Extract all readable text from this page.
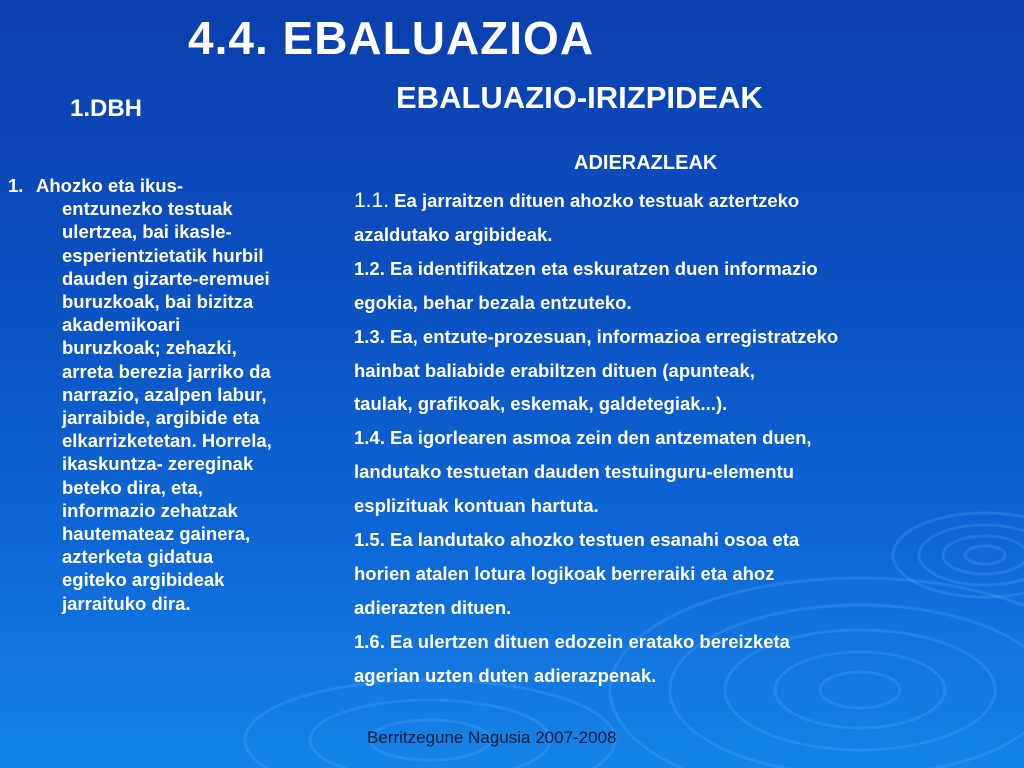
4.4. EBALUAZIOA
EBALUAZIO-IRIZPIDEAK
1.DBH
1. Ahozko eta ikus-
entzunezko testuak
ulertzea, bai ikasle-
esperientzietatik hurbil
dauden gizarte-eremuei
buruzkoak, bai bizitza
akademikoari
buruzkoak; zehazki,
arreta berezia jarriko da
narrazio, azalpen labur,
jarraibide, argibide eta
elkarrizketetan. Horrela,
ikaskuntza- zereginak
beteko dira, eta,
informazio zehatzak
hautemateaz gainera,
azterketa gidatua
egiteko argibideak
jarraituko dira.
ADIERAZLEAK
1.1. Ea jarraitzen dituen ahozko testuak aztertzeko
azaldutako argibideak.
1.2. Ea identifikatzen eta eskuratzen duen informazio
egokia, behar bezala entzuteko.
1.3. Ea, entzute-prozesuan, informazioa erregistratzeko
hainbat baliabide erabiltzen dituen (apunteak,
taulak, grafikoak, eskemak, galdetegiak...).
1.4. Ea igorlearen asmoa zein den antzematen duen,
landutako testuetan dauden testuinguru-elementu
esplizituak kontuan hartuta.
1.5. Ea landutako ahozko testuen esanahi osoa eta
horien atalen lotura logikoak berreraiki eta ahoz
adierazten dituen.
1.6. Ea ulertzen dituen edozein eratako bereizketa
agerian uzten duten adierazpenak.
Berritzegune Nagusia 2007-2008
